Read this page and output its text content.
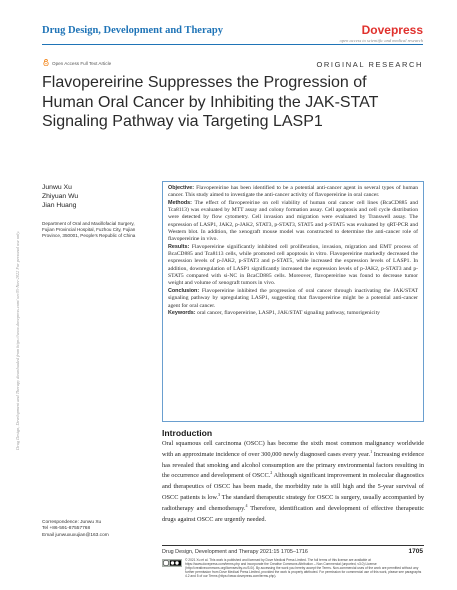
Drug Design, Development and Therapy	Dovepress
open access to scientific and medical research
Open Access Full Text Article	ORIGINAL RESEARCH
Flavopereirine Suppresses the Progression of Human Oral Cancer by Inhibiting the JAK-STAT Signaling Pathway via Targeting LASP1
Drug Design, Development and Therapy downloaded from https://www.dovepress.com/ on 05-Nov-2022 For personal use only.
Junwu Xu
Zhiyuan Wu
Jian Huang
Department of Oral and Maxillofacial Surgery, Fujian Provincial Hospital, Fuzhou City, Fujian Province, 350001, People's Republic of China

Objective: Flavopereirine has been identified to be a potential anti-cancer agent in several types of human cancer. This study aimed to investigate the anti-cancer activity of flavopereirine in oral cancer.

Methods: The effect of flavopereirine on cell viability of human oral cancer cell lines (BcaCD885 and Tca8113) was evaluated by MTT assay and colony formation assay. Cell apoptosis and cell cycle distribution were detected by flow cytometry. Cell invasion and migration were evaluated by Transwell assay. The expression of LASP1, JAK2, p-JAK2, STAT3, p-STAT3, STAT5 and p-STAT5 was evaluated by qRT-PCR and Western blot. In addition, the xenograft mouse model was constructed to determine the anti-cancer role of flavopereirine in vivo.

Results: Flavopereirine significantly inhibited cell proliferation, invasion, migration and EMT process of BcaCD885 and Tca8113 cells, while promoted cell apoptosis in vitro. Flavopereirine markedly decreased the expression levels of p-JAK2, p-STAT3 and p-STAT5, while increased the expression levels of LASP1. In addition, downregulation of LASP1 significantly increased the expression levels of p-JAK2, p-STAT3 and p-STAT5 compared with si-NC in BcaCD885 cells. Moreover, flavopereirine was found to decrease tumor weight and volume of xenograft tumors in vivo.

Conclusion: Flavopereirine inhibited the progression of oral cancer through inactivating the JAK/STAT signaling pathway by upregulating LASP1, suggesting that flavopereirine might be a potential anti-cancer agent for oral cancer.

Keywords: oral cancer, flavopereirine, LASP1, JAK/STAT signaling pathway, tumorigenicity

Introduction
Oral squamous cell carcinoma (OSCC) has become the sixth most common malignancy worldwide with an approximate incidence of over 300,000 newly diagnosed cases every year.$^1$ Increasing evidence has revealed that smoking and alcohol consumption are the primary environmental factors resulting in the occurrence and development of OSCC.$^2$ Although significant improvement in molecular diagnostics and therapeutics of OSCC has been made, the morbidity rate is still high and the 5-year survival of OSCC patients is low.$^3$ The standard therapeutic strategy for OSCC is surgery, usually accompanied by radiotherapy and chemotherapy.$^4$ Therefore, identification and development of effective therapeutic drugs against OSCC are urgently needed.
Correspondence: Junwu Xu
Tel +86-591-87557768
Email junwuxuxujian@163.com
Drug Design, Development and Therapy 2021:15 1705–1716	1705
© 2021 Xu et al. This work is published and licensed by Dove Medical Press Limited. The full terms of this license are available at https://www.dovepress.com/terms.php and incorporate the Creative Commons Attribution – Non Commercial (unported, v3.0) License (http://creativecommons.org/licenses/by-nc/3.0/). By accessing the work you hereby accept the Terms. Non-commercial uses of the work are permitted without any further permission from Dove Medical Press Limited, provided the work is properly attributed. For permission for commercial use of this work, please see paragraphs 4.2 and 5 of our Terms (https://www.dovepress.com/terms.php).
